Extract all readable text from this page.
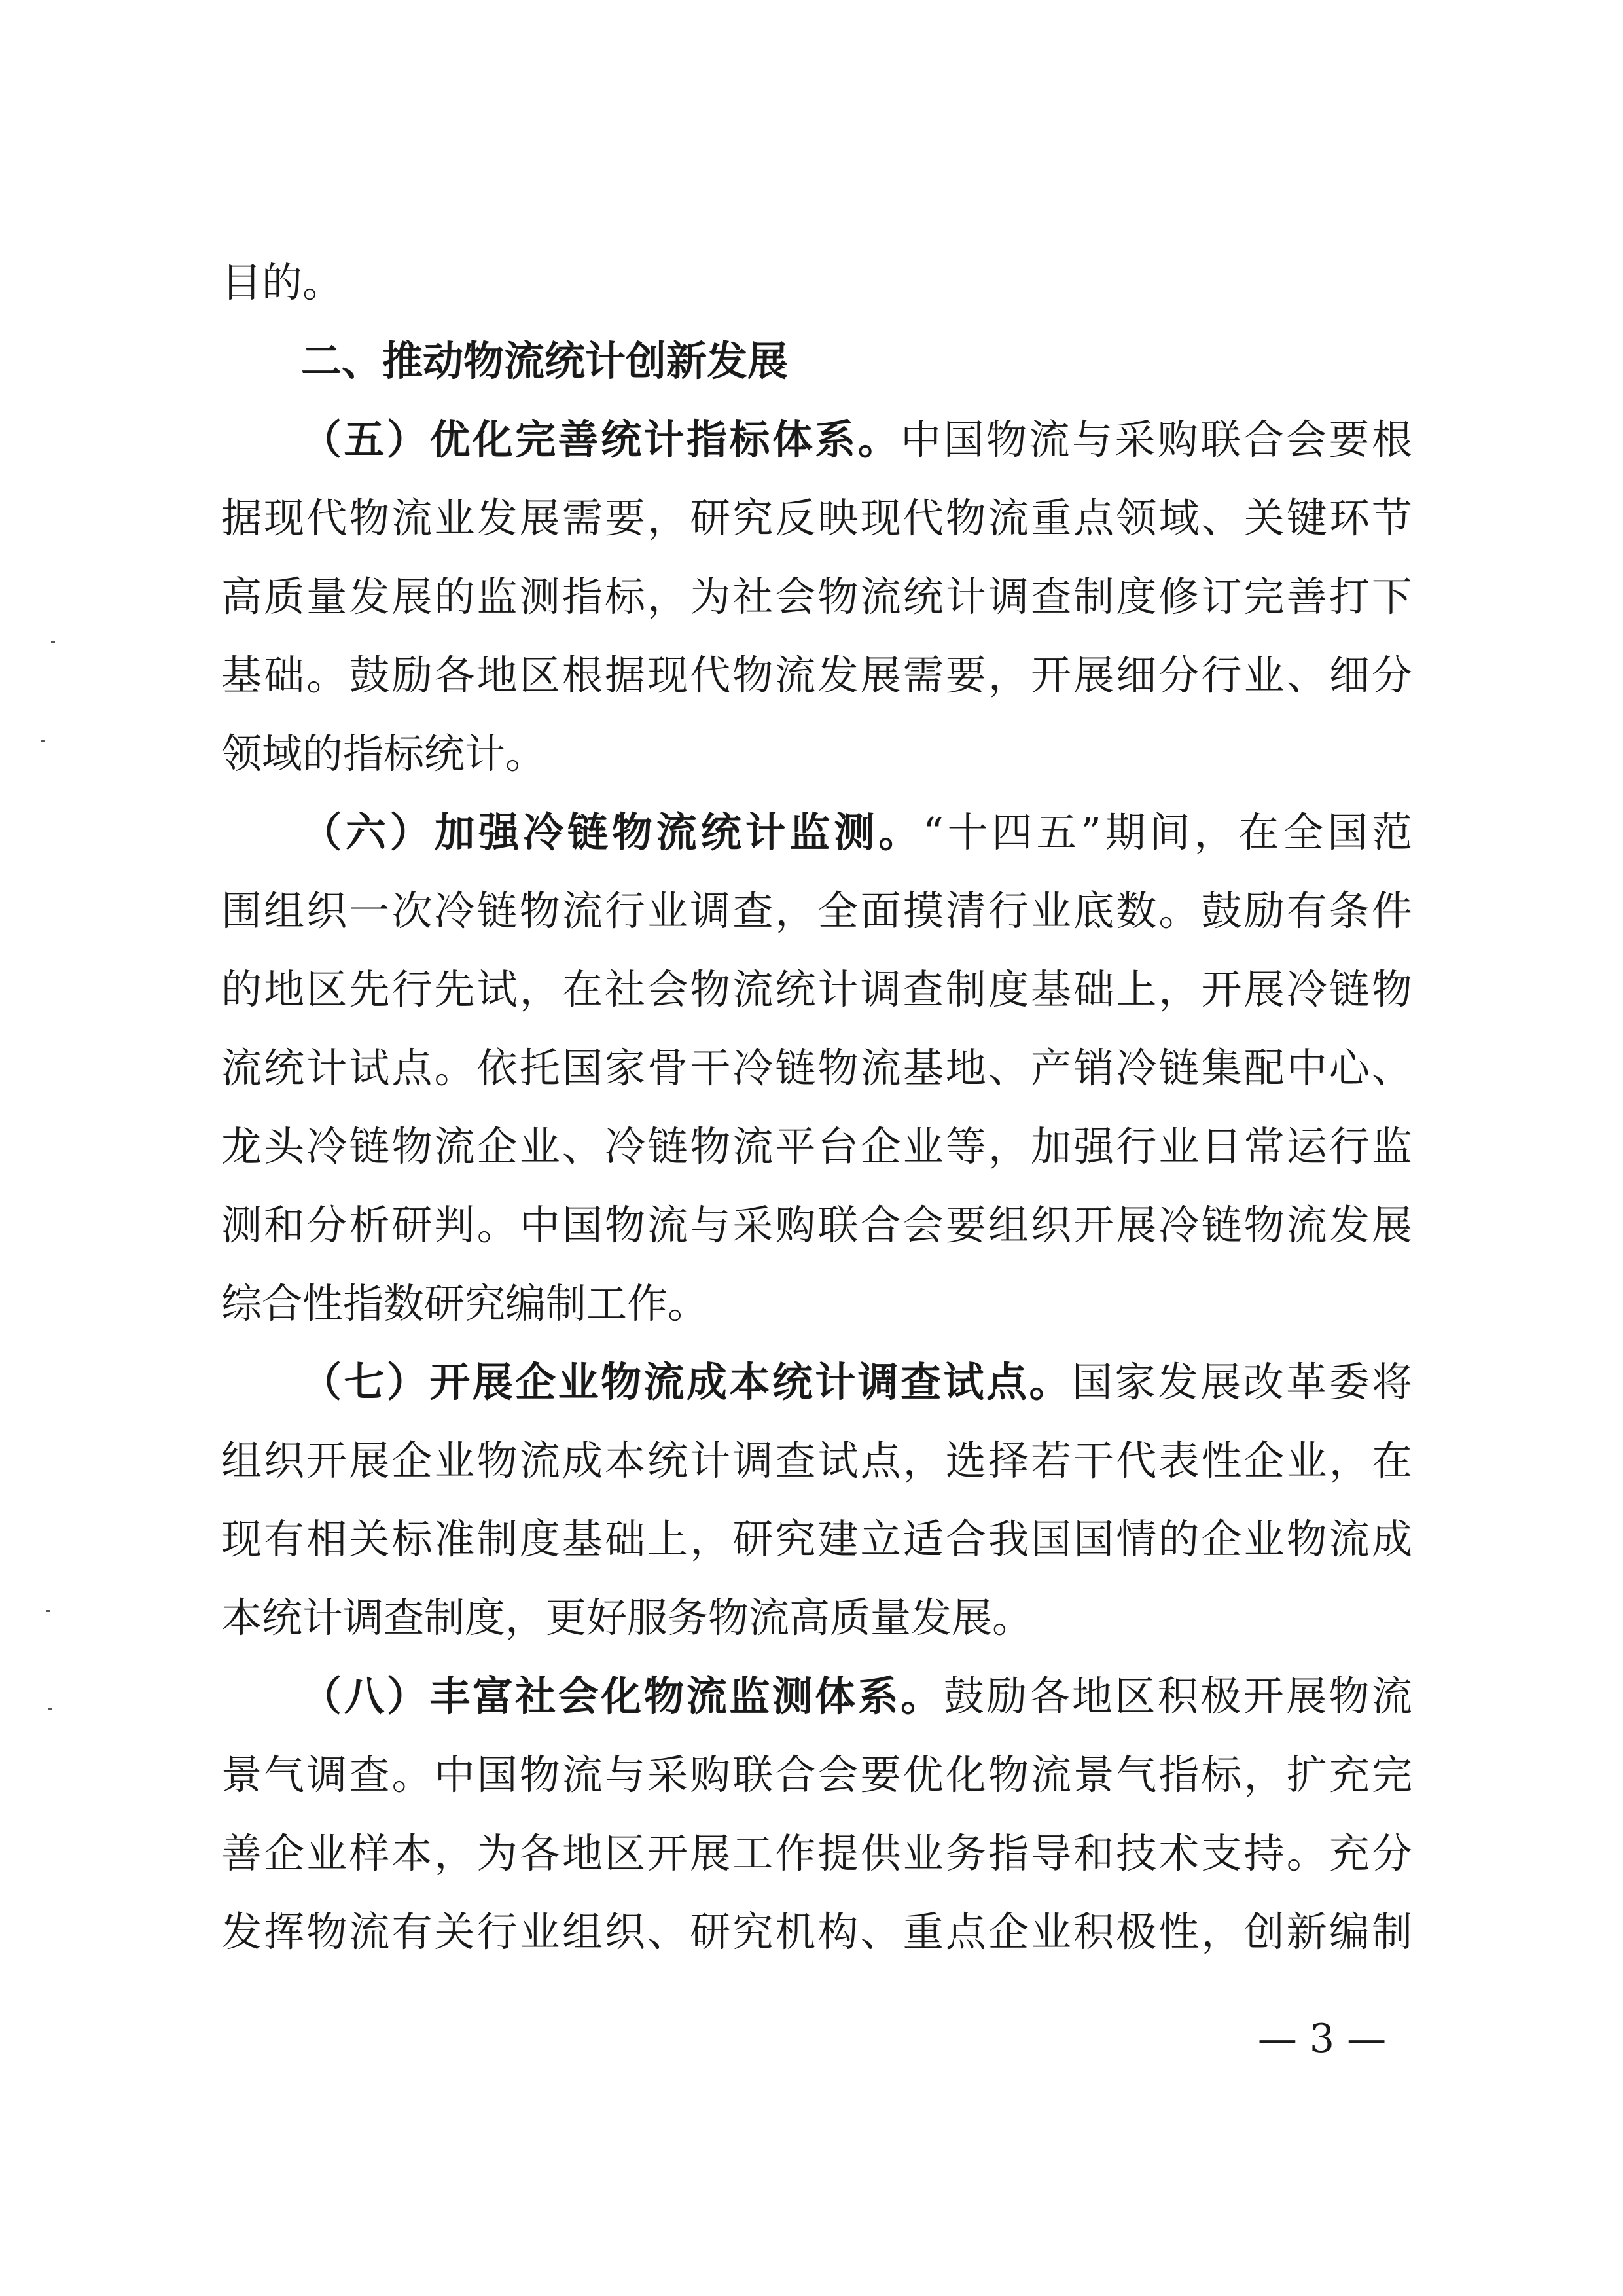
目的。
二、推动物流统计创新发展
（五）优化完善统计指标体系。中国物流与采购联合会要根
据现代物流业发展需要，研究反映现代物流重点领域、关键环节
高质量发展的监测指标，为社会物流统计调查制度修订完善打下
基础。鼓励各地区根据现代物流发展需要，开展细分行业、细分
领域的指标统计。
（六）加强冷链物流统计监测。“十四五”期间，在全国范
围组织一次冷链物流行业调查，全面摸清行业底数。鼓励有条件
的地区先行先试，在社会物流统计调查制度基础上，开展冷链物
流统计试点。依托国家骨干冷链物流基地、产销冷链集配中心、
龙头冷链物流企业、冷链物流平台企业等，加强行业日常运行监
测和分析研判。中国物流与采购联合会要组织开展冷链物流发展
综合性指数研究编制工作。
（七）开展企业物流成本统计调查试点。国家发展改革委将
组织开展企业物流成本统计调查试点，选择若干代表性企业，在
现有相关标准制度基础上，研究建立适合我国国情的企业物流成
本统计调查制度，更好服务物流高质量发展。
（八）丰富社会化物流监测体系。鼓励各地区积极开展物流
景气调查。中国物流与采购联合会要优化物流景气指标，扩充完
善企业样本，为各地区开展工作提供业务指导和技术支持。充分
发挥物流有关行业组织、研究机构、重点企业积极性，创新编制
— 3 —
